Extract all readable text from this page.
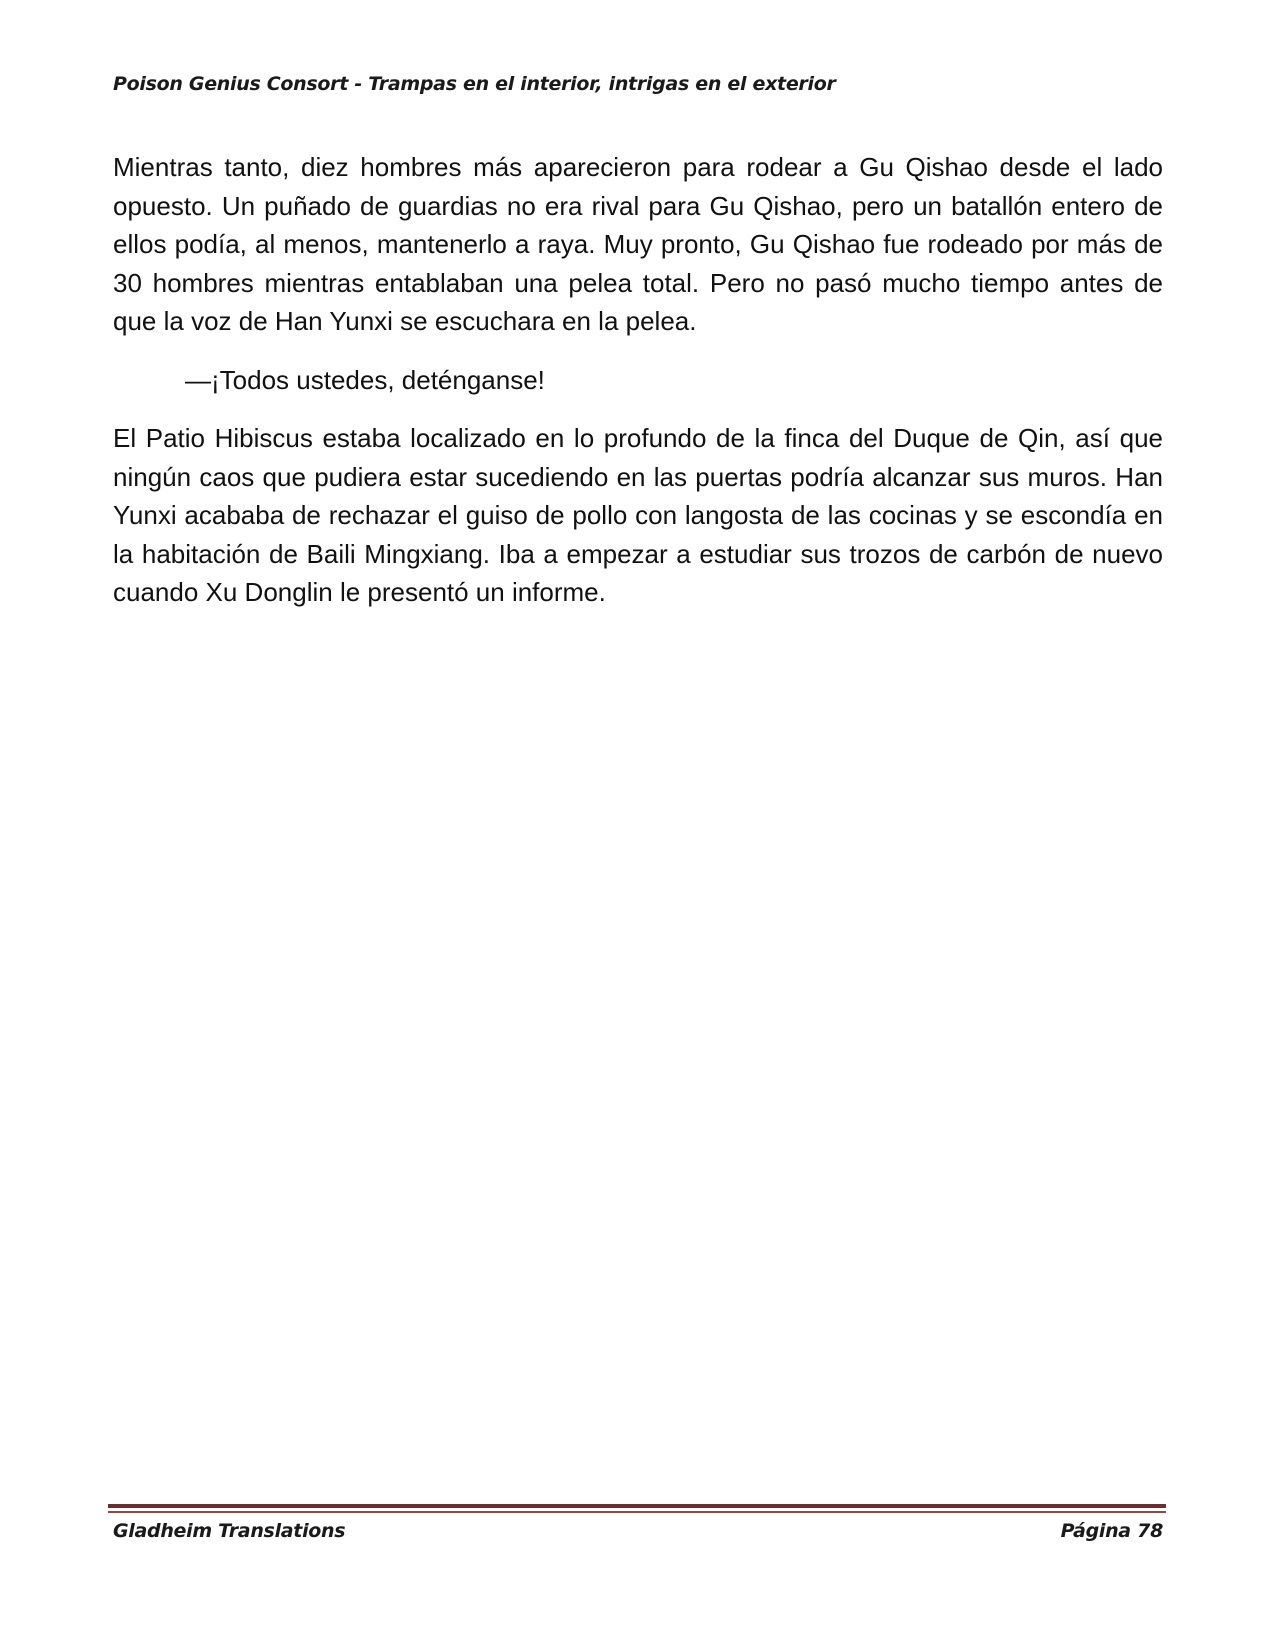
Poison Genius Consort - Trampas en el interior, intrigas en el exterior

Mientras tanto, diez hombres más aparecieron para rodear a Gu Qishao desde el lado opuesto. Un puñado de guardias no era rival para Gu Qishao, pero un batallón entero de ellos podía, al menos, mantenerlo a raya. Muy pronto, Gu Qishao fue rodeado por más de 30 hombres mientras entablaban una pelea total. Pero no pasó mucho tiempo antes de que la voz de Han Yunxi se escuchara en la pelea.

—¡Todos ustedes, deténganse!

El Patio Hibiscus estaba localizado en lo profundo de la finca del Duque de Qin, así que ningún caos que pudiera estar sucediendo en las puertas podría alcanzar sus muros. Han Yunxi acababa de rechazar el guiso de pollo con langosta de las cocinas y se escondía en la habitación de Baili Mingxiang. Iba a empezar a estudiar sus trozos de carbón de nuevo cuando Xu Donglin le presentó un informe.

Gladheim Translations	Página 78
